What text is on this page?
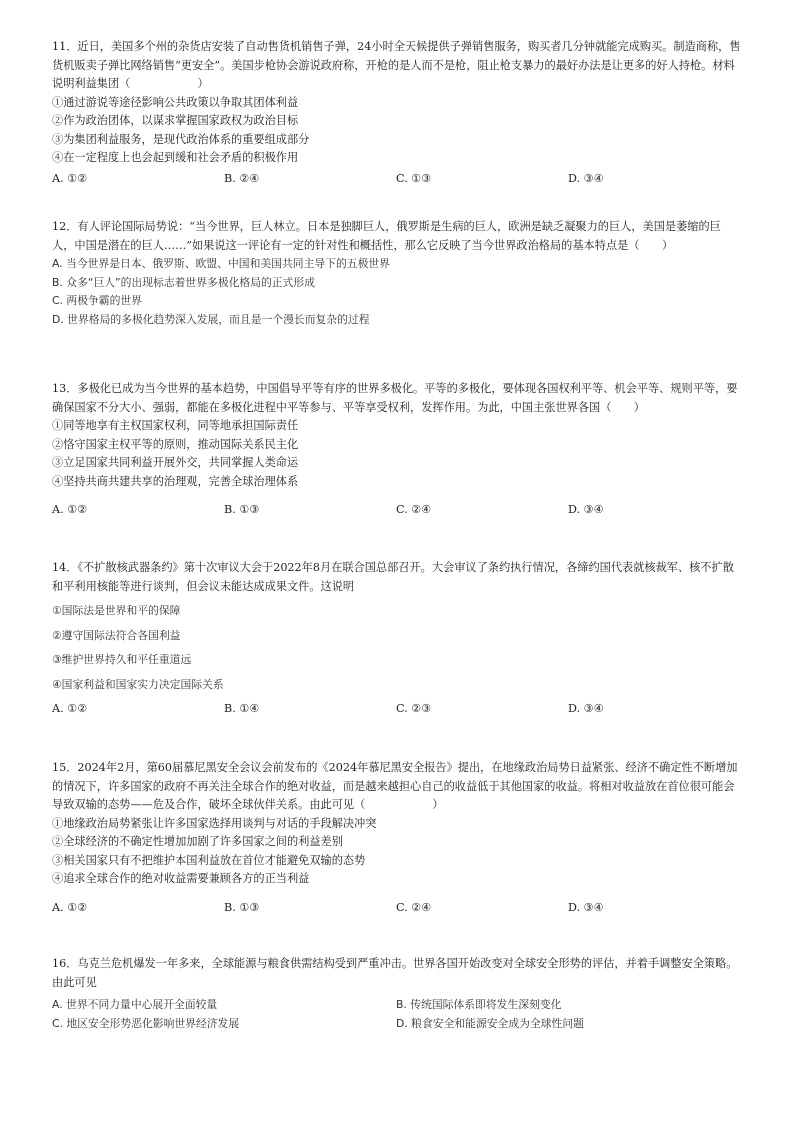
11．近日，美国多个州的杂货店安装了自动售货机销售子弹，24小时全天候提供子弹销售服务，购买者几分钟就能完成购买。制造商称，售货机贩卖子弹比网络销售“更安全”。美国步枪协会游说政府称，开枪的是人而不是枪，阻止枪支暴力的最好办法是让更多的好人持枪。材料说明利益集团（　　　　　　）

①通过游说等途径影响公共政策以争取其团体利益

②作为政治团体，以谋求掌握国家政权为政治目标

③为集团利益服务，是现代政治体系的重要组成部分

④在一定程度上也会起到缓和社会矛盾的积极作用

A. ①②	B. ②④	C. ①③	D. ③④

12．有人评论国际局势说：“当今世界，巨人林立。日本是独脚巨人，俄罗斯是生病的巨人，欧洲是缺乏凝聚力的巨人，美国是萎缩的巨人，中国是潜在的巨人……”如果说这一评论有一定的针对性和概括性，那么它反映了当今世界政治格局的基本特点是（　　）

A. 当今世界是日本、俄罗斯、欧盟、中国和美国共同主导下的五极世界

B. 众多“巨人”的出现标志着世界多极化格局的正式形成

C. 两极争霸的世界

D. 世界格局的多极化趋势深入发展，而且是一个漫长而复杂的过程

13．多极化已成为当今世界的基本趋势，中国倡导平等有序的世界多极化。平等的多极化，要体现各国权利平等、机会平等、规则平等，要确保国家不分大小、强弱，都能在多极化进程中平等参与、平等享受权利，发挥作用。为此，中国主张世界各国（　　）

①同等地享有主权国家权利，同等地承担国际责任

②恪守国家主权平等的原则，推动国际关系民主化

③立足国家共同利益开展外交，共同掌握人类命运

④坚持共商共建共享的治理观，完善全球治理体系

A. ①②	B. ①③	C. ②④	D. ③④

14．《不扩散核武器条约》第十次审议大会于2022年8月在联合国总部召开。大会审议了条约执行情况，各缔约国代表就核裁军、核不扩散和平利用核能等进行谈判，但会议未能达成成果文件。这说明

①国际法是世界和平的保障

②遵守国际法符合各国利益

③维护世界持久和平任重道远

④国家利益和国家实力决定国际关系

A. ①②	B. ①④	C. ②③	D. ③④

15．2024年2月，第60届慕尼黑安全会议会前发布的《2024年慕尼黑安全报告》提出，在地缘政治局势日益紧张、经济不确定性不断增加的情况下，许多国家的政府不再关注全球合作的绝对收益，而是越来越担心自己的收益低于其他国家的收益。将相对收益放在首位很可能会导致双输的态势——危及合作，破坏全球伙伴关系。由此可见（　　　　　　）

①地缘政治局势紧张让许多国家选择用谈判与对话的手段解决冲突

②全球经济的不确定性增加加剧了许多国家之间的利益差别

③相关国家只有不把维护本国利益放在首位才能避免双输的态势

④追求全球合作的绝对收益需要兼顾各方的正当利益

A. ①②	B. ①③	C. ②④	D. ③④

16．乌克兰危机爆发一年多来，全球能源与粮食供需结构受到严重冲击。世界各国开始改变对全球安全形势的评估，并着手调整安全策略。由此可见

A. 世界不同力量中心展开全面较量	B. 传统国际体系即将发生深刻变化
C. 地区安全形势恶化影响世界经济发展	D. 粮食安全和能源安全成为全球性问题
